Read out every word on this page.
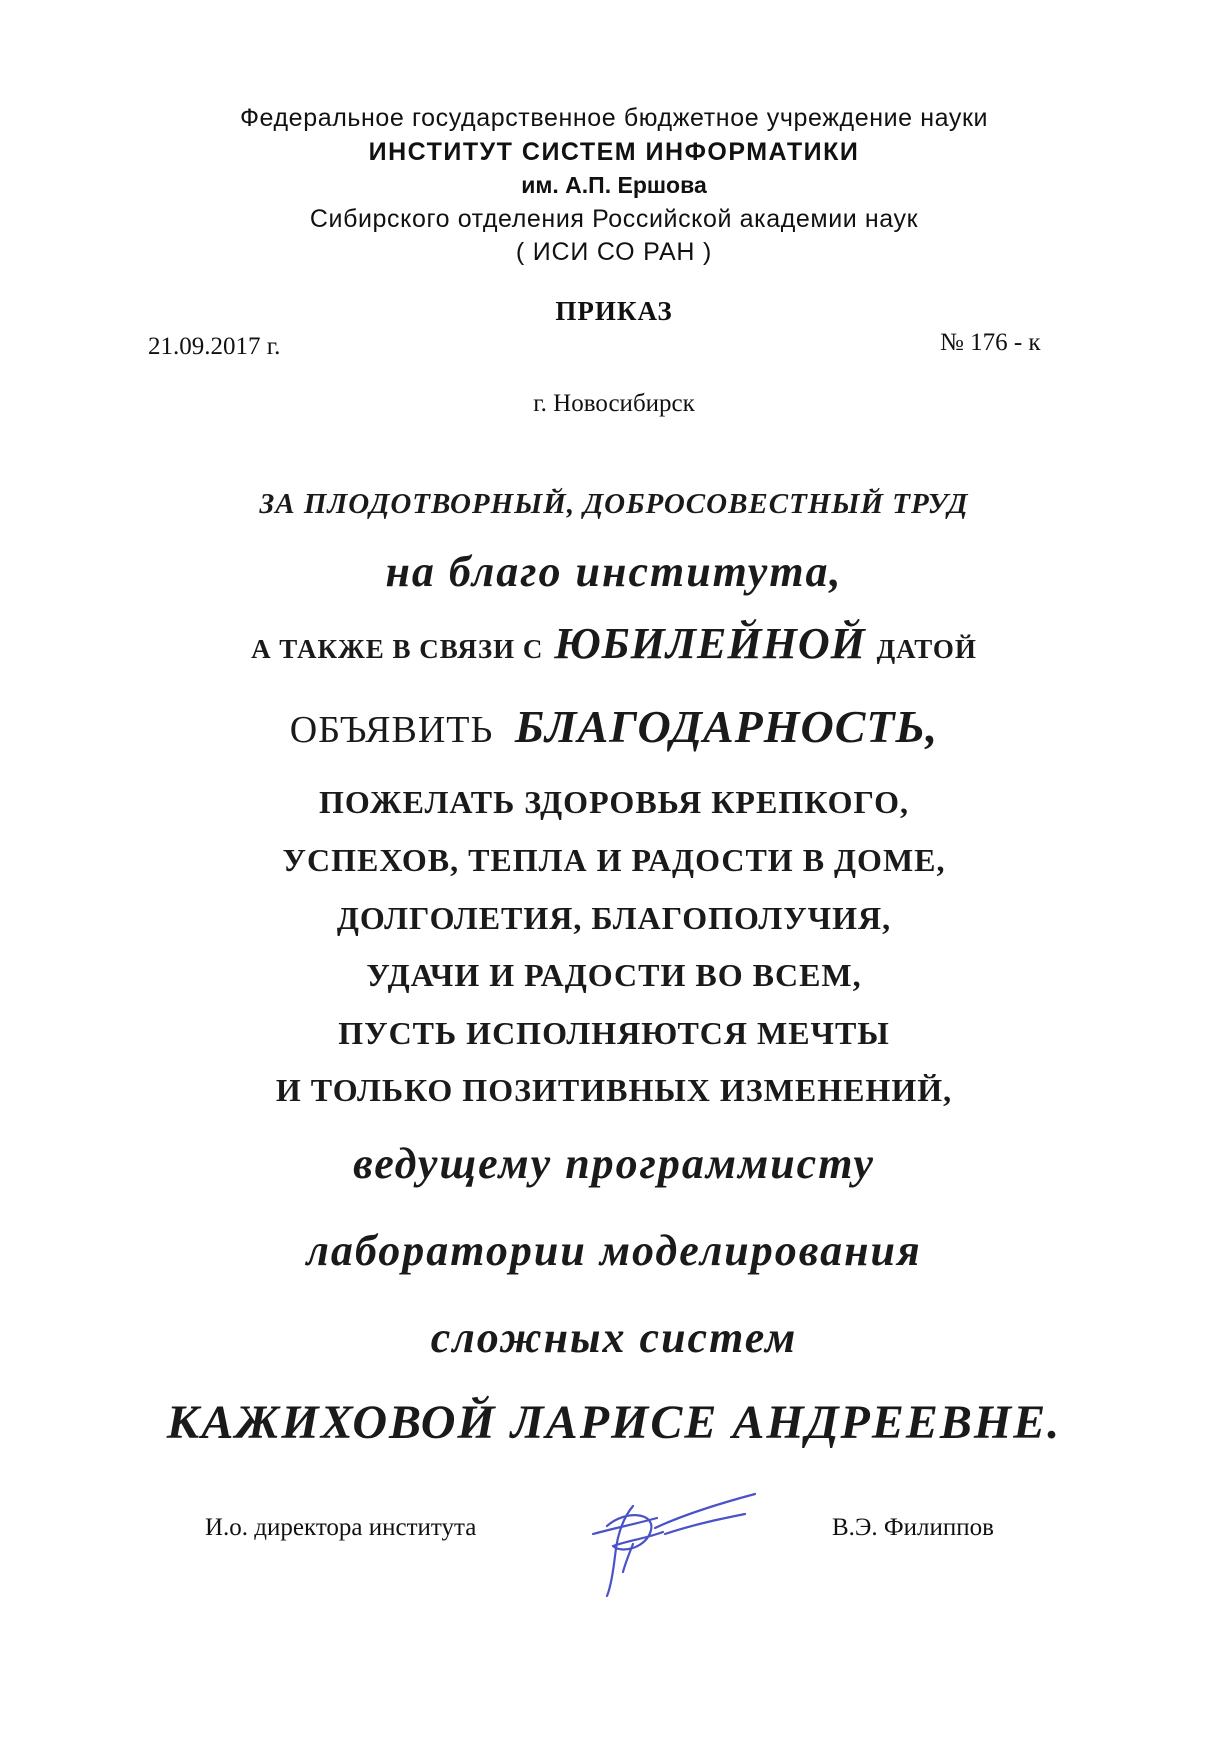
Федеральное государственное бюджетное учреждение науки
ИНСТИТУТ СИСТЕМ ИНФОРМАТИКИ
им. А.П. Ершова
Сибирского отделения Российской академии наук
( ИСИ СО РАН )
ПРИКАЗ
21.09.2017 г.	№ 176 - к
г. Новосибирск
ЗА ПЛОДОТВОРНЫЙ, ДОБРОСОВЕСТНЫЙ ТРУД
на благо института,
А ТАКЖЕ В СВЯЗИ С ЮБИЛЕЙНОЙ ДАТОЙ
ОБЪЯВИТЬ БЛАГОДАРНОСТЬ,
ПОЖЕЛАТЬ ЗДОРОВЬЯ КРЕПКОГО,
УСПЕХОВ, ТЕПЛА И РАДОСТИ В ДОМЕ,
ДОЛГОЛЕТИЯ, БЛАГОПОЛУЧИЯ,
УДАЧИ И РАДОСТИ ВО ВСЕМ,
ПУСТЬ ИСПОЛНЯЮТСЯ МЕЧТЫ
И ТОЛЬКО ПОЗИТИВНЫХ ИЗМЕНЕНИЙ,
ведущему программисту
лаборатории моделирования
сложных систем
КАЖИХОВОЙ ЛАРИСЕ АНДРЕЕВНЕ.
И.о. директора института	В.Э. Филиппов
